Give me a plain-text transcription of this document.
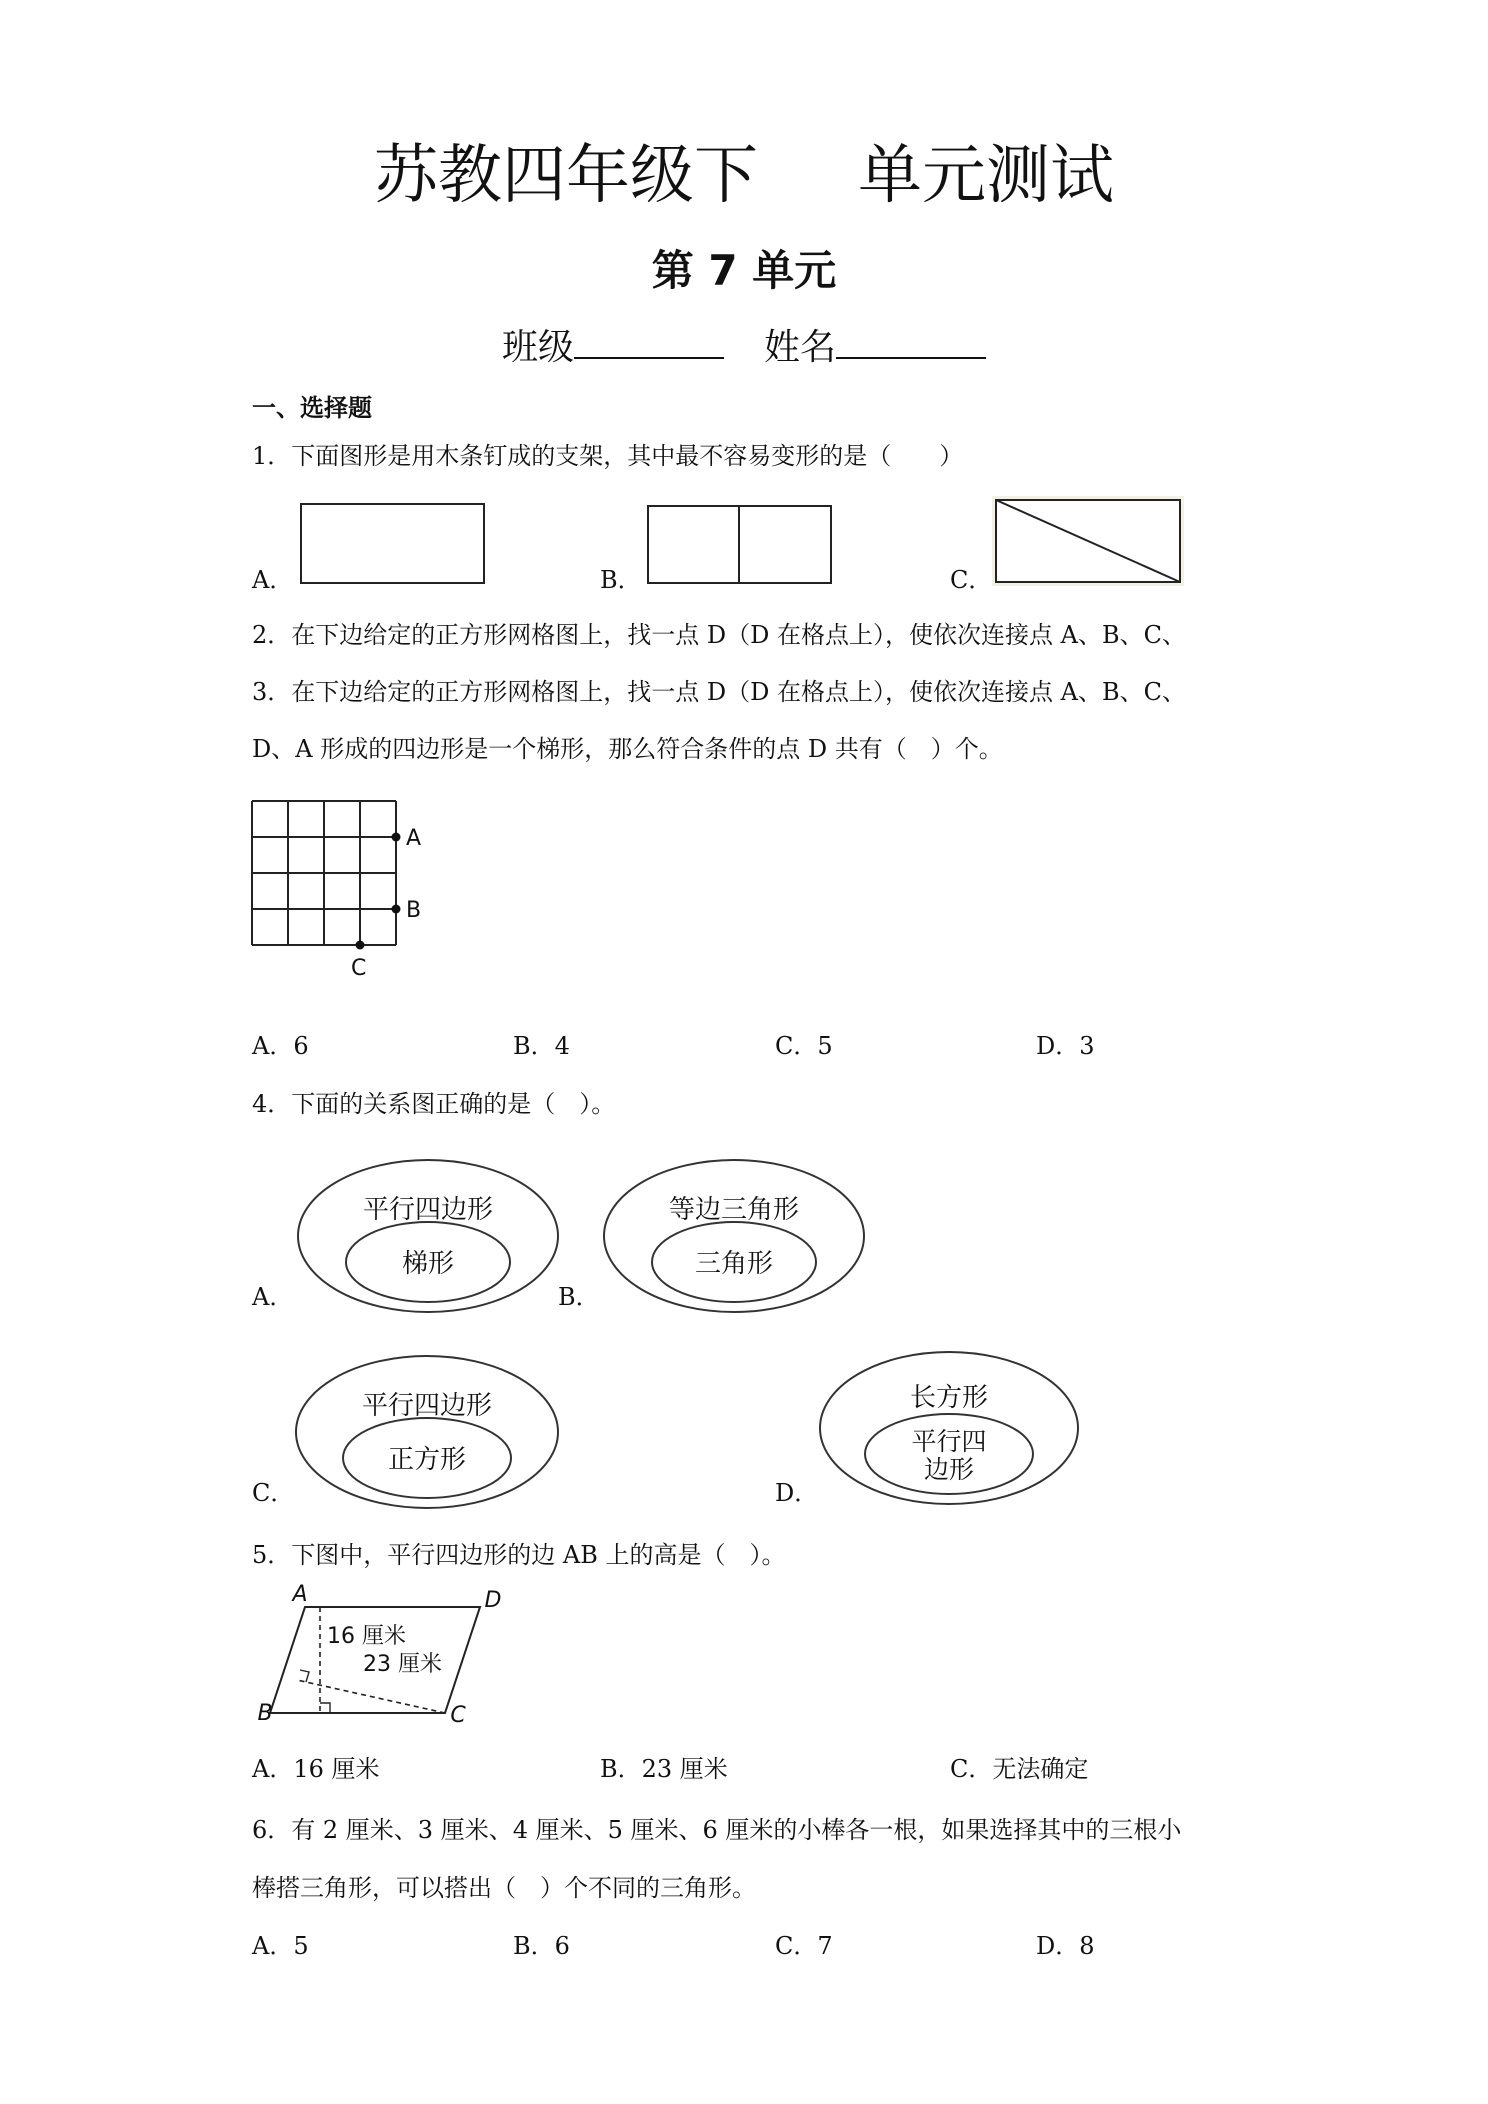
苏教四年级下 单元测试
第 7 单元
班级	姓名
一、选择题
1．下面图形是用木条钉成的支架，其中最不容易变形的是（　　）
A．	B．	C．
2．在下边给定的正方形网格图上，找一点 D（D 在格点上），使依次连接点 A、B、C、
3．在下边给定的正方形网格图上，找一点 D（D 在格点上），使依次连接点 A、B、C、
D、A 形成的四边形是一个梯形，那么符合条件的点 D 共有（　）个。
A
B
C
A．6	B．4	C．5	D．3
4．下面的关系图正确的是（　）。
A．
平行四边形
梯形
B．
等边三角形
三角形
C．
平行四边形
正方形
D．
长方形
平行四
边形
5．下图中，平行四边形的边 AB 上的高是（　）。
A	D
B	C
16 厘米
23 厘米
A．16 厘米	B．23 厘米	C．无法确定
6．有 2 厘米、3 厘米、4 厘米、5 厘米、6 厘米的小棒各一根，如果选择其中的三根小
棒搭三角形，可以搭出（　）个不同的三角形。
A．5	B．6	C．7	D．8
